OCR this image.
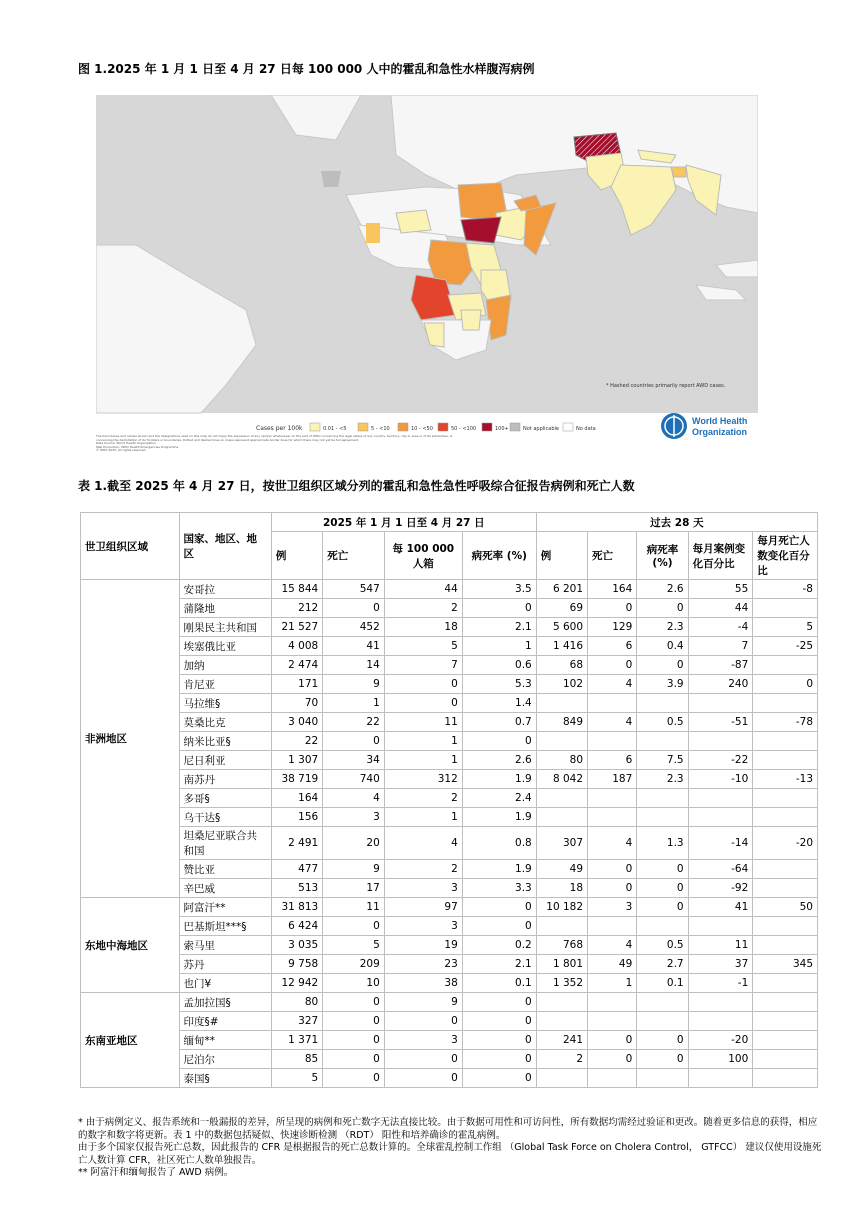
图 1.2025 年 1 月 1 日至 4 月 27 日每 100 000 人中的霍乱和急性水样腹泻病例
* Hashed countries primarily report AWD cases.
Cases per 100k	0.01 - <5	5 - <10	10 - <50	50 - <100	100+	Not applicable	No data
World Health
Organization
The boundaries and names shown and the designations used on this map do not imply the expression of any opinion whatsoever on the part of WHO concerning the legal status of any country, territory, city or area or of its authorities, or concerning the delimitation of its frontiers or boundaries. Dotted and dashed lines on maps represent approximate border lines for which there may not yet be full agreement.
Data Source: World Health Organization
Map Production: WHO Health Emergencies Programme
© WHO 2025. All rights reserved.
表 1.截至 2025 年 4 月 27 日，按世卫组织区域分列的霍乱和急性急性呼吸综合征报告病例和死亡人数
世卫组织区域	国家、地区、地区	2025 年 1 月 1 日至 4 月 27 日				过去 28 天				
		例	死亡	每 100 000 人箱	病死率 (%)	例	死亡	病死率 (%)	每月案例变化百分比	每月死亡人数变化百分比
非洲地区	安哥拉	15 844	547	44	3.5	6 201	164	2.6	55	-8
	蒲隆地	212	0	2	0	69	0	0	44	
	刚果民主共和国	21 527	452	18	2.1	5 600	129	2.3	-4	5
	埃塞俄比亚	4 008	41	5	1	1 416	6	0.4	7	-25
	加纳	2 474	14	7	0.6	68	0	0	-87	
	肯尼亚	171	9	0	5.3	102	4	3.9	240	0
	马拉维§	70	1	0	1.4					
	莫桑比克	3 040	22	11	0.7	849	4	0.5	-51	-78
	纳米比亚§	22	0	1	0					
	尼日利亚	1 307	34	1	2.6	80	6	7.5	-22	
	南苏丹	38 719	740	312	1.9	8 042	187	2.3	-10	-13
	多哥§	164	4	2	2.4					
	乌干达§	156	3	1	1.9					
	坦桑尼亚联合共和国	2 491	20	4	0.8	307	4	1.3	-14	-20
	赞比亚	477	9	2	1.9	49	0	0	-64	
	辛巴威	513	17	3	3.3	18	0	0	-92	
东地中海地区	阿富汗**	31 813	11	97	0	10 182	3	0	41	50
	巴基斯坦***§	6 424	0	3	0					
	索马里	3 035	5	19	0.2	768	4	0.5	11	
	苏丹	9 758	209	23	2.1	1 801	49	2.7	37	345
	也门¥	12 942	10	38	0.1	1 352	1	0.1	-1	
东南亚地区	孟加拉国§	80	0	9	0					
	印度§#	327	0	0	0					
	缅甸**	1 371	0	3	0	241	0	0	-20	
	尼泊尔	85	0	0	0	2	0	0	100	
	泰国§	5	0	0	0					

* 由于病例定义、报告系统和一般漏报的差异，所呈现的病例和死亡数字无法直接比较。由于数据可用性和可访问性，所有数据均需经过验证和更改。随着更多信息的获得，相应的数字和数字将更新。表 1 中的数据包括疑似、快速诊断检测 （RDT） 阳性和培养确诊的霍乱病例。

由于多个国家仅报告死亡总数，因此报告的 CFR 是根据报告的死亡总数计算的。全球霍乱控制工作组 （Global Task Force on Cholera Control， GTFCC） 建议仅使用设施死亡人数计算 CFR，社区死亡人数单独报告。

** 阿富汗和缅甸报告了 AWD 病例。
